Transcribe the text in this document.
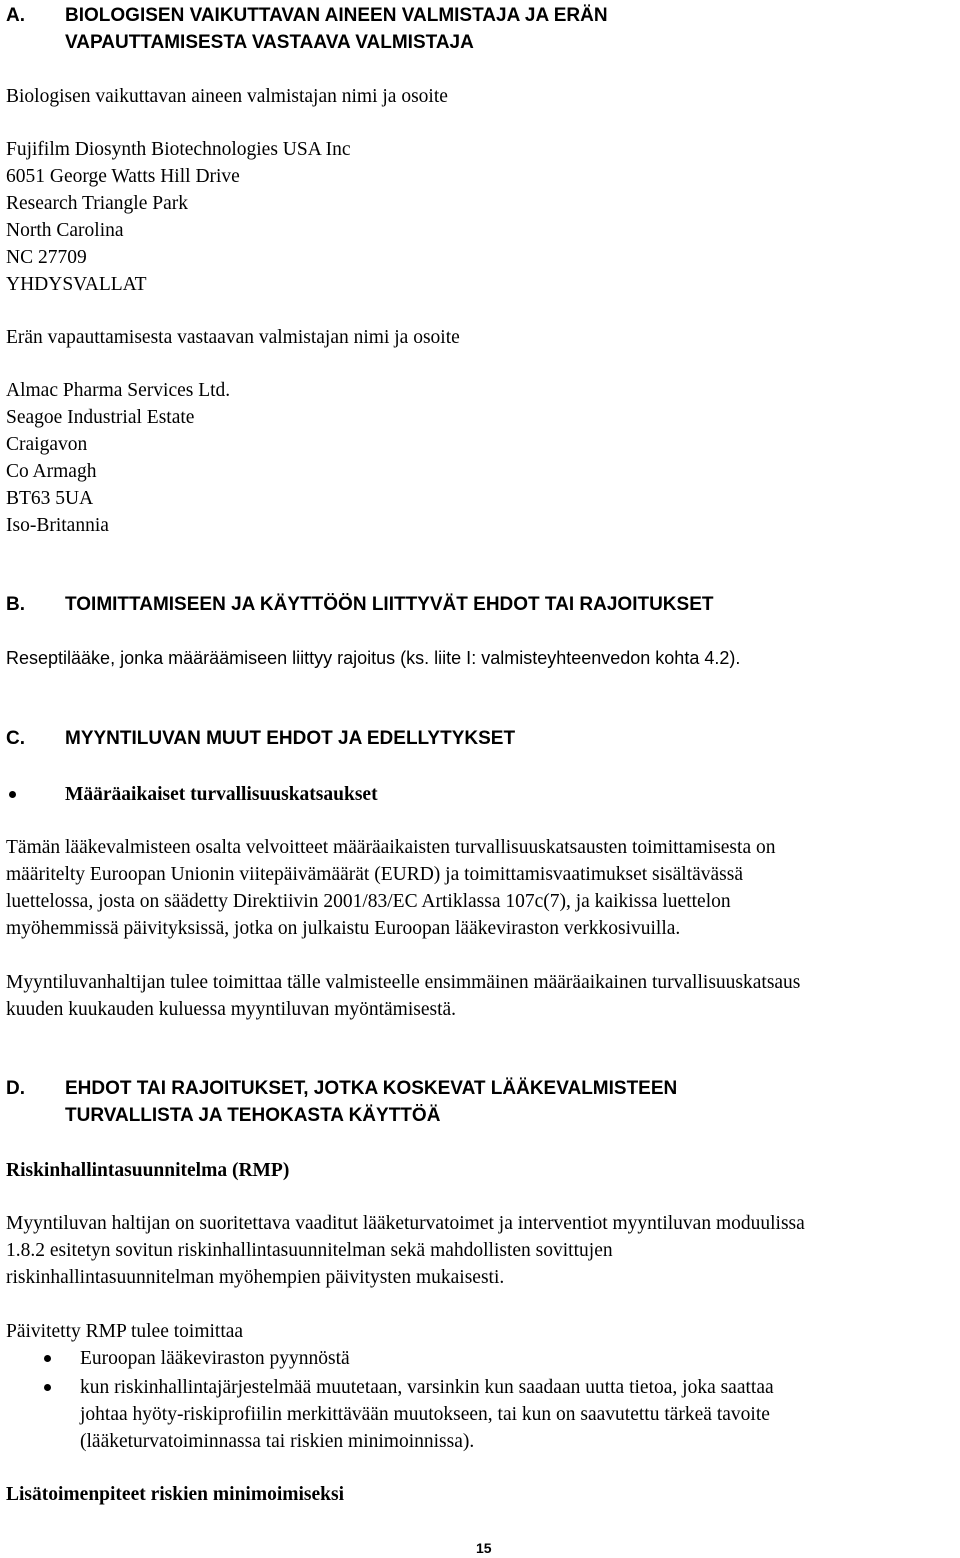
A. BIOLOGISEN VAIKUTTAVAN AINEEN VALMISTAJA JA ERÄN
VAPAUTTAMISESTA VASTAAVA VALMISTAJA
Biologisen vaikuttavan aineen valmistajan nimi ja osoite
Fujifilm Diosynth Biotechnologies USA Inc
6051 George Watts Hill Drive
Research Triangle Park
North Carolina
NC 27709
YHDYSVALLAT
Erän vapauttamisesta vastaavan valmistajan nimi ja osoite
Almac Pharma Services Ltd.
Seagoe Industrial Estate
Craigavon
Co Armagh
BT63 5UA
Iso-Britannia
B. TOIMITTAMISEEN JA KÄYTTÖÖN LIITTYVÄT EHDOT TAI RAJOITUKSET
Reseptilääke, jonka määräämiseen liittyy rajoitus (ks. liite I: valmisteyhteenvedon kohta 4.2).
C. MYYNTILUVAN MUUT EHDOT JA EDELLYTYKSET
Määräaikaiset turvallisuuskatsaukset
Tämän lääkevalmisteen osalta velvoitteet määräaikaisten turvallisuuskatsausten toimittamisesta on
määritelty Euroopan Unionin viitepäivämäärät (EURD) ja toimittamisvaatimukset sisältävässä
luettelossa, josta on säädetty Direktiivin 2001/83/EC Artiklassa 107c(7), ja kaikissa luettelon
myöhemmissä päivityksissä, jotka on julkaistu Euroopan lääkeviraston verkkosivuilla.
Myyntiluvanhaltijan tulee toimittaa tälle valmisteelle ensimmäinen määräaikainen turvallisuuskatsaus
kuuden kuukauden kuluessa myyntiluvan myöntämisestä.
D. EHDOT TAI RAJOITUKSET, JOTKA KOSKEVAT LÄÄKEVALMISTEEN
TURVALLISTA JA TEHOKASTA KÄYTTÖÄ
Riskinhallintasuunnitelma (RMP)
Myyntiluvan haltijan on suoritettava vaaditut lääketurvatoimet ja interventiot myyntiluvan moduulissa
1.8.2 esitetyn sovitun riskinhallintasuunnitelman sekä mahdollisten sovittujen
riskinhallintasuunnitelman myöhempien päivitysten mukaisesti.
Päivitetty RMP tulee toimittaa
Euroopan lääkeviraston pyynnöstä
kun riskinhallintajärjestelmää muutetaan, varsinkin kun saadaan uutta tietoa, joka saattaa
johtaa hyöty-riskiprofiilin merkittävään muutokseen, tai kun on saavutettu tärkeä tavoite
(lääketurvatoiminnassa tai riskien minimoinnissa).
Lisätoimenpiteet riskien minimoimiseksi
15
